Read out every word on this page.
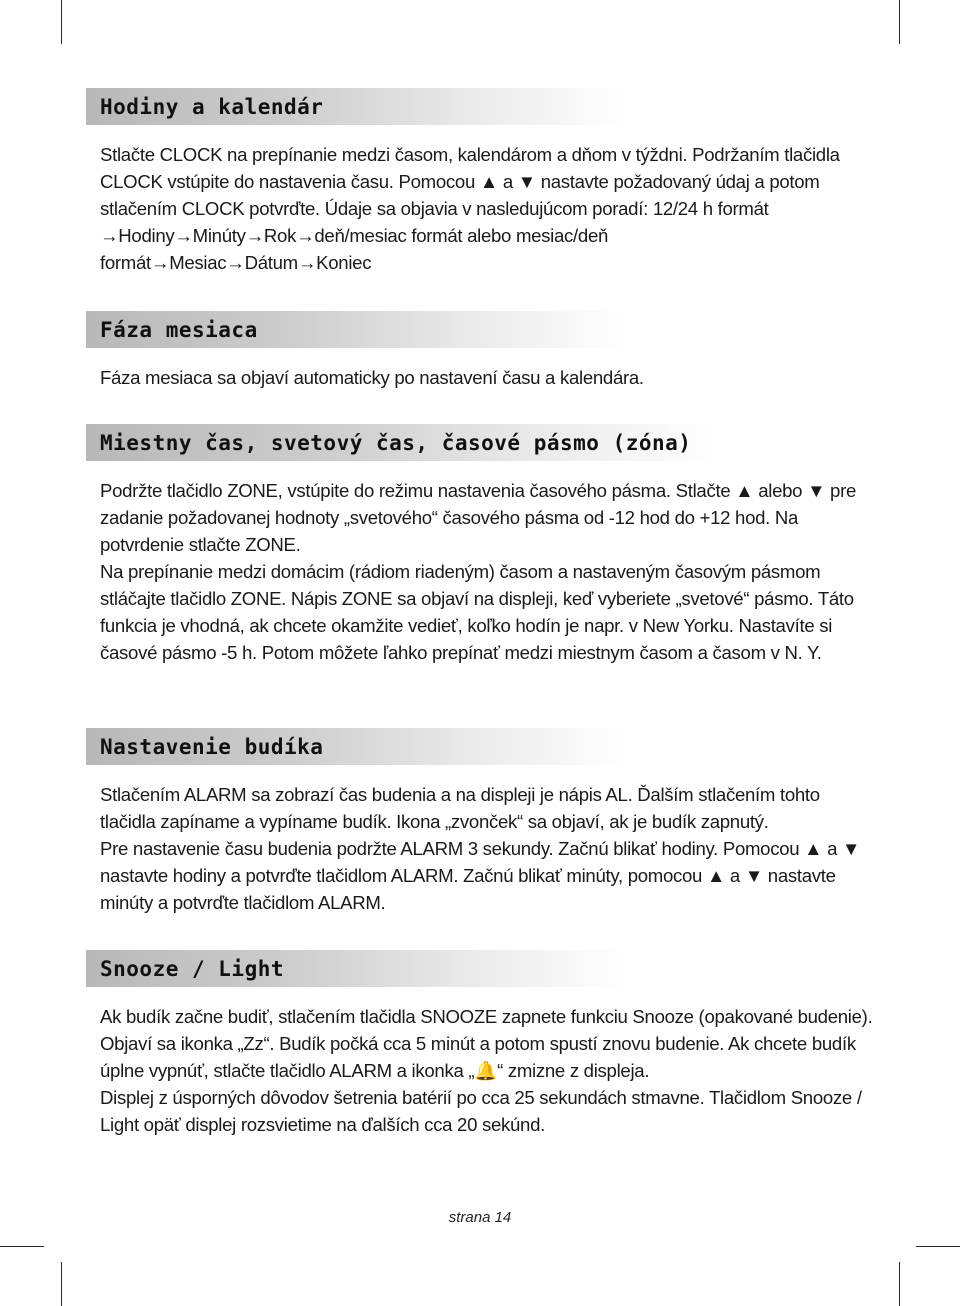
Hodiny a kalendár

Stlačte CLOCK na prepínanie medzi časom, kalendárom a dňom v týždni. Podržaním tlačidla CLOCK vstúpite do nastavenia času. Pomocou ▲ a ▼ nastavte požadovaný údaj a potom stlačením CLOCK potvrďte. Údaje sa objavia v nasledujúcom poradí: 12/24 h formát →Hodiny→Minúty→Rok→deň/mesiac formát alebo mesiac/deň formát→Mesiac→Dátum→Koniec

Fáza mesiaca

Fáza mesiaca sa objaví automaticky po nastavení času a kalendára.

Miestny čas, svetový čas, časové pásmo (zóna)

Podržte tlačidlo ZONE, vstúpite do režimu nastavenia časového pásma. Stlačte ▲ alebo ▼ pre zadanie požadovanej hodnoty „svetového“ časového pásma od -12 hod do +12 hod. Na potvrdenie stlačte ZONE.

Na prepínanie medzi domácim (rádiom riadeným) časom a nastaveným časovým pásmom stláčajte tlačidlo ZONE. Nápis ZONE sa objaví na displeji, keď vyberiete „svetové“ pásmo. Táto funkcia je vhodná, ak chcete okamžite vedieť, koľko hodín je napr. v New Yorku. Nastavíte si časové pásmo -5 h. Potom môžete ľahko prepínať medzi miestnym časom a časom v N. Y.

Nastavenie budíka

Stlačením ALARM sa zobrazí čas budenia a na displeji je nápis AL. Ďalším stlačením tohto tlačidla zapíname a vypíname budík. Ikona „zvonček“ sa objaví, ak je budík zapnutý.

Pre nastavenie času budenia podržte ALARM 3 sekundy. Začnú blikať hodiny. Pomocou ▲ a ▼ nastavte hodiny a potvrďte tlačidlom ALARM. Začnú blikať minúty, pomocou ▲ a ▼ nastavte minúty a potvrďte tlačidlom ALARM.

Snooze / Light

Ak budík začne budiť, stlačením tlačidla SNOOZE zapnete funkciu Snooze (opakované budenie). Objaví sa ikonka „Zz“. Budík počká cca 5 minút a potom spustí znovu budenie. Ak chcete budík úplne vypnúť, stlačte tlačidlo ALARM a ikonka „🔔“ zmizne z displeja.

Displej z úsporných dôvodov šetrenia batérií po cca 25 sekundách stmavne. Tlačidlom Snooze / Light opäť displej rozsvietime na ďalších cca 20 sekúnd.

strana 14
